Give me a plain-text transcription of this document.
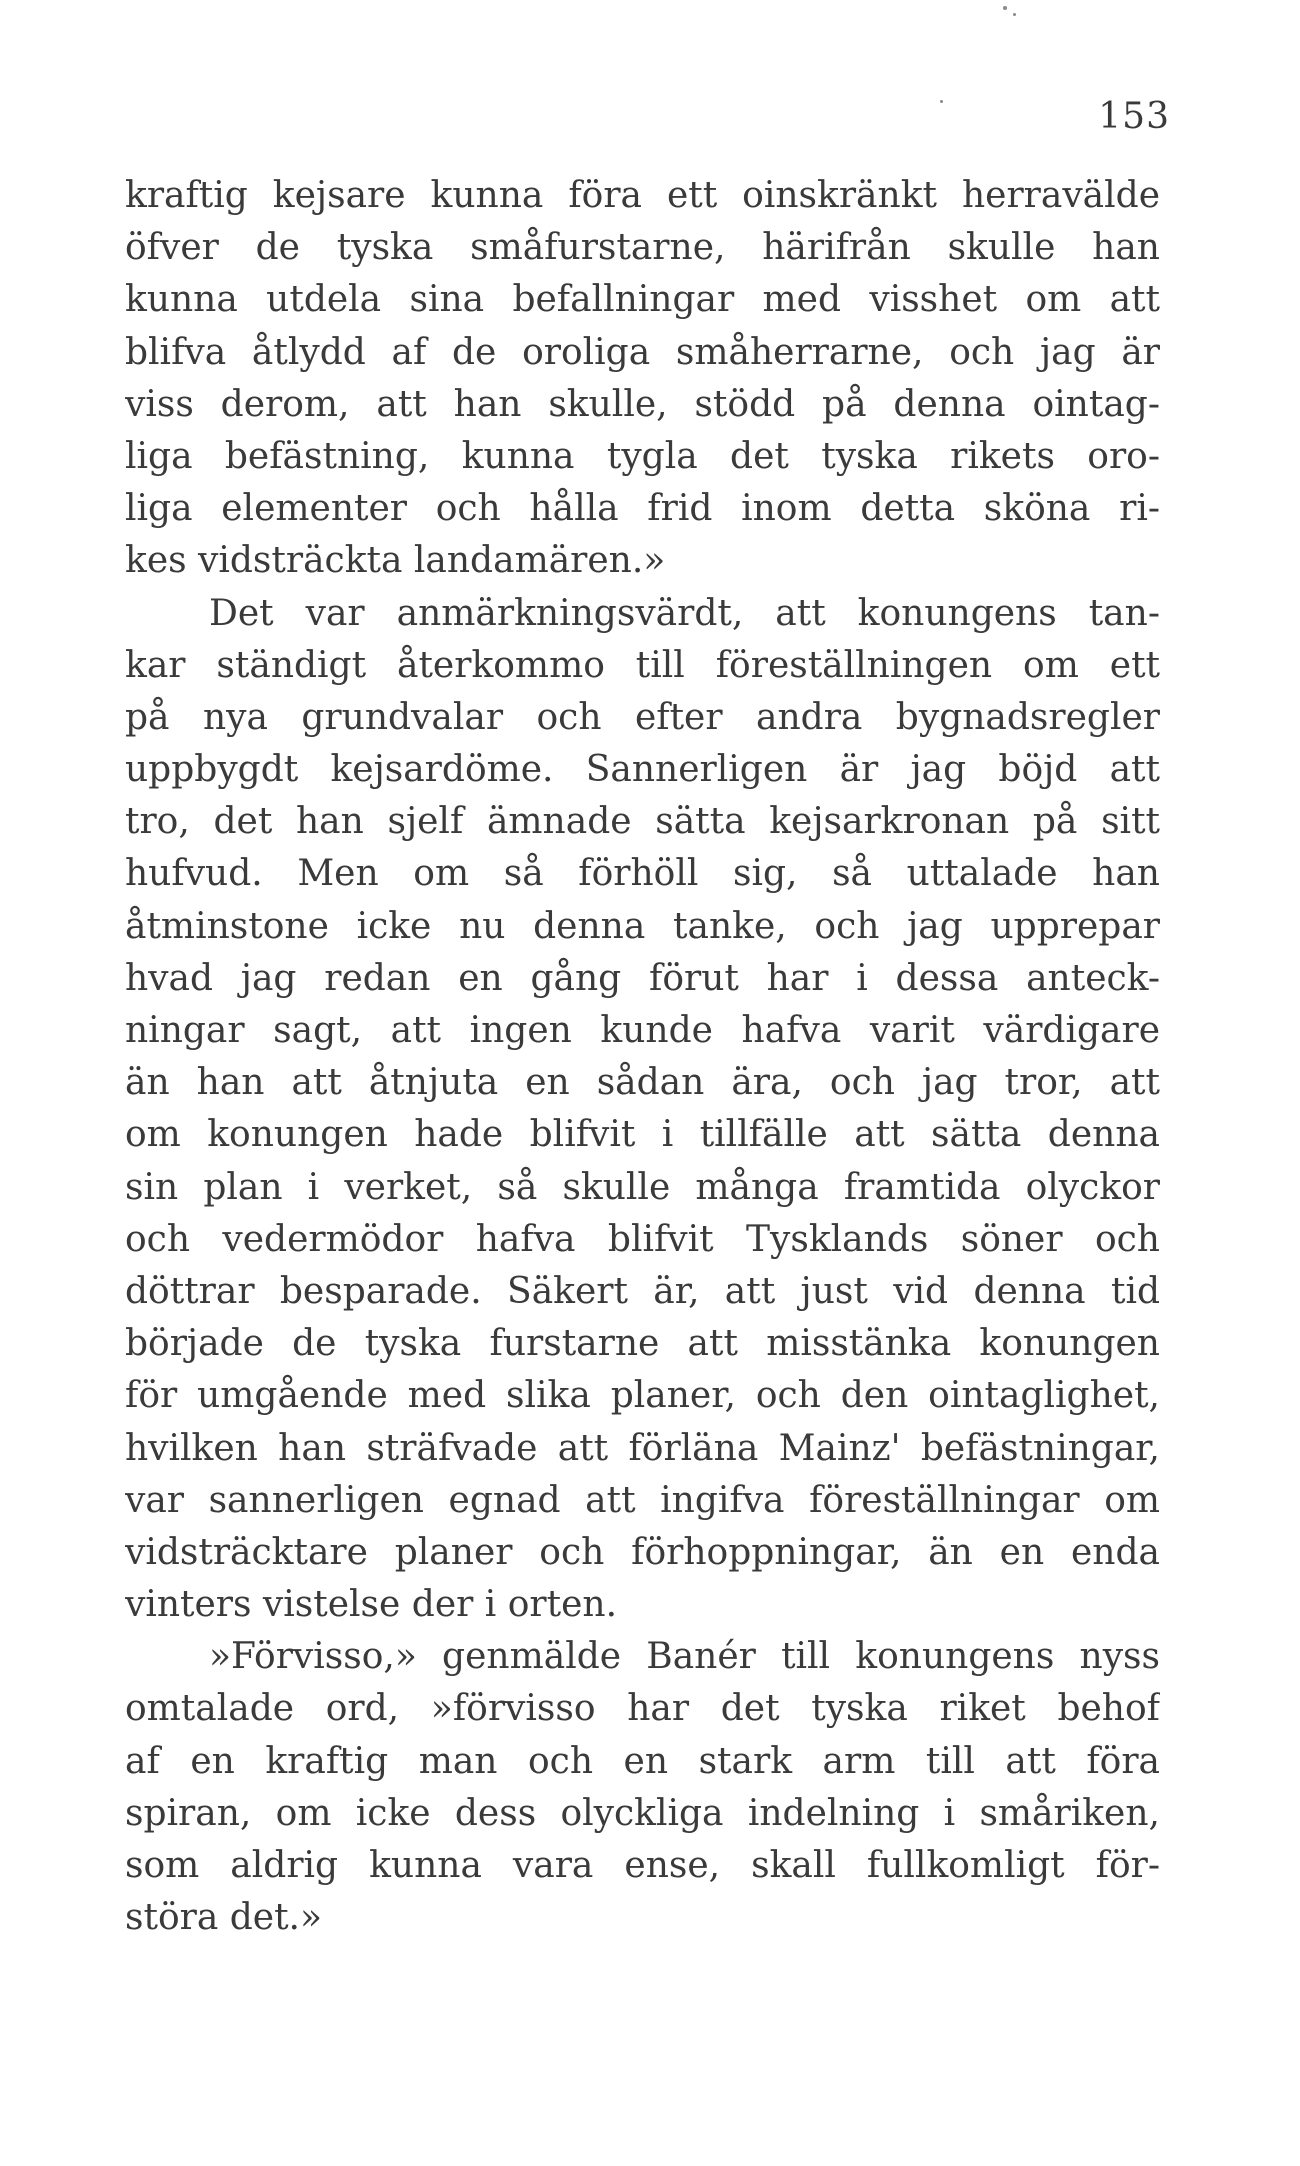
153
kraftig kejsare kunna föra ett oinskränkt herravälde
öfver de tyska småfurstarne, härifrån skulle han
kunna utdela sina befallningar med visshet om att
blifva åtlydd af de oroliga småherrarne, och jag är
viss derom, att han skulle, stödd på denna ointag-
liga befästning, kunna tygla det tyska rikets oro-
liga elementer och hålla frid inom detta sköna ri-
kes vidsträckta landamären.»
Det var anmärkningsvärdt, att konungens tan-
kar ständigt återkommo till föreställningen om ett
på nya grundvalar och efter andra bygnadsregler
uppbygdt kejsardöme. Sannerligen är jag böjd att
tro, det han sjelf ämnade sätta kejsarkronan på sitt
hufvud. Men om så förhöll sig, så uttalade han
åtminstone icke nu denna tanke, och jag upprepar
hvad jag redan en gång förut har i dessa anteck-
ningar sagt, att ingen kunde hafva varit värdigare
än han att åtnjuta en sådan ära, och jag tror, att
om konungen hade blifvit i tillfälle att sätta denna
sin plan i verket, så skulle många framtida olyckor
och vedermödor hafva blifvit Tysklands söner och
döttrar besparade. Säkert är, att just vid denna tid
började de tyska furstarne att misstänka konungen
för umgående med slika planer, och den ointaglighet,
hvilken han sträfvade att förläna Mainz' befästningar,
var sannerligen egnad att ingifva föreställningar om
vidsträcktare planer och förhoppningar, än en enda
vinters vistelse der i orten.
»Förvisso,» genmälde Banér till konungens nyss
omtalade ord, »förvisso har det tyska riket behof
af en kraftig man och en stark arm till att föra
spiran, om icke dess olyckliga indelning i småriken,
som aldrig kunna vara ense, skall fullkomligt för-
störa det.»
